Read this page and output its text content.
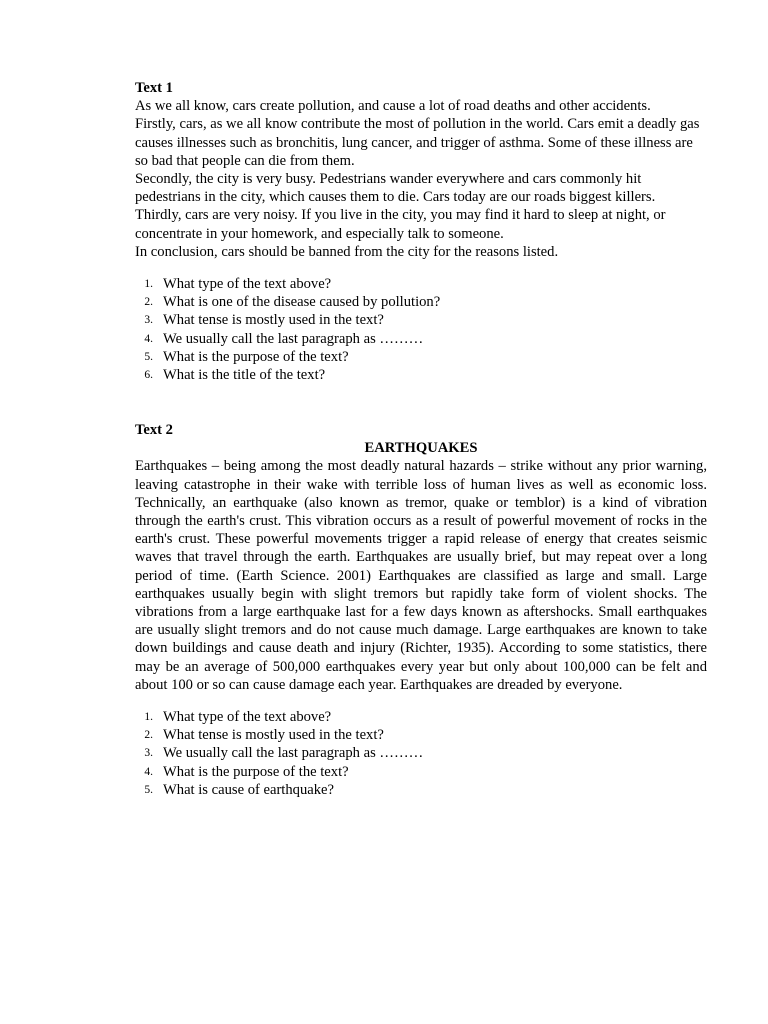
Text 1

As we all know, cars create pollution, and cause a lot of road deaths and other accidents.

Firstly, cars, as we all know contribute the most of pollution in the world. Cars emit a deadly gas causes illnesses such as bronchitis, lung cancer, and trigger of asthma. Some of these illness are so bad that people can die from them.

Secondly, the city is very busy. Pedestrians wander everywhere and cars commonly hit pedestrians in the city, which causes them to die. Cars today are our roads biggest killers.

Thirdly, cars are very noisy. If you live in the city, you may find it hard to sleep at night, or concentrate in your homework, and especially talk to someone.

In conclusion, cars should be banned from the city for the reasons listed.

1. What type of the text above?
2. What is one of the disease caused by pollution?
3. What tense is mostly used in the text?
4. We usually call the last paragraph as ………
5. What is the purpose of the text?
6. What is the title of the text?

Text 2

EARTHQUAKES

Earthquakes – being among the most deadly natural hazards – strike without any prior warning, leaving catastrophe in their wake with terrible loss of human lives as well as economic loss. Technically, an earthquake (also known as tremor, quake or temblor) is a kind of vibration through the earth's crust. This vibration occurs as a result of powerful movement of rocks in the earth's crust. These powerful movements trigger a rapid release of energy that creates seismic waves that travel through the earth. Earthquakes are usually brief, but may repeat over a long period of time. (Earth Science. 2001) Earthquakes are classified as large and small. Large earthquakes usually begin with slight tremors but rapidly take form of violent shocks. The vibrations from a large earthquake last for a few days known as aftershocks. Small earthquakes are usually slight tremors and do not cause much damage. Large earthquakes are known to take down buildings and cause death and injury (Richter, 1935). According to some statistics, there may be an average of 500,000 earthquakes every year but only about 100,000 can be felt and about 100 or so can cause damage each year. Earthquakes are dreaded by everyone.

1. What type of the text above?
2. What tense is mostly used in the text?
3. We usually call the last paragraph as ………
4. What is the purpose of the text?
5. What is cause of earthquake?
